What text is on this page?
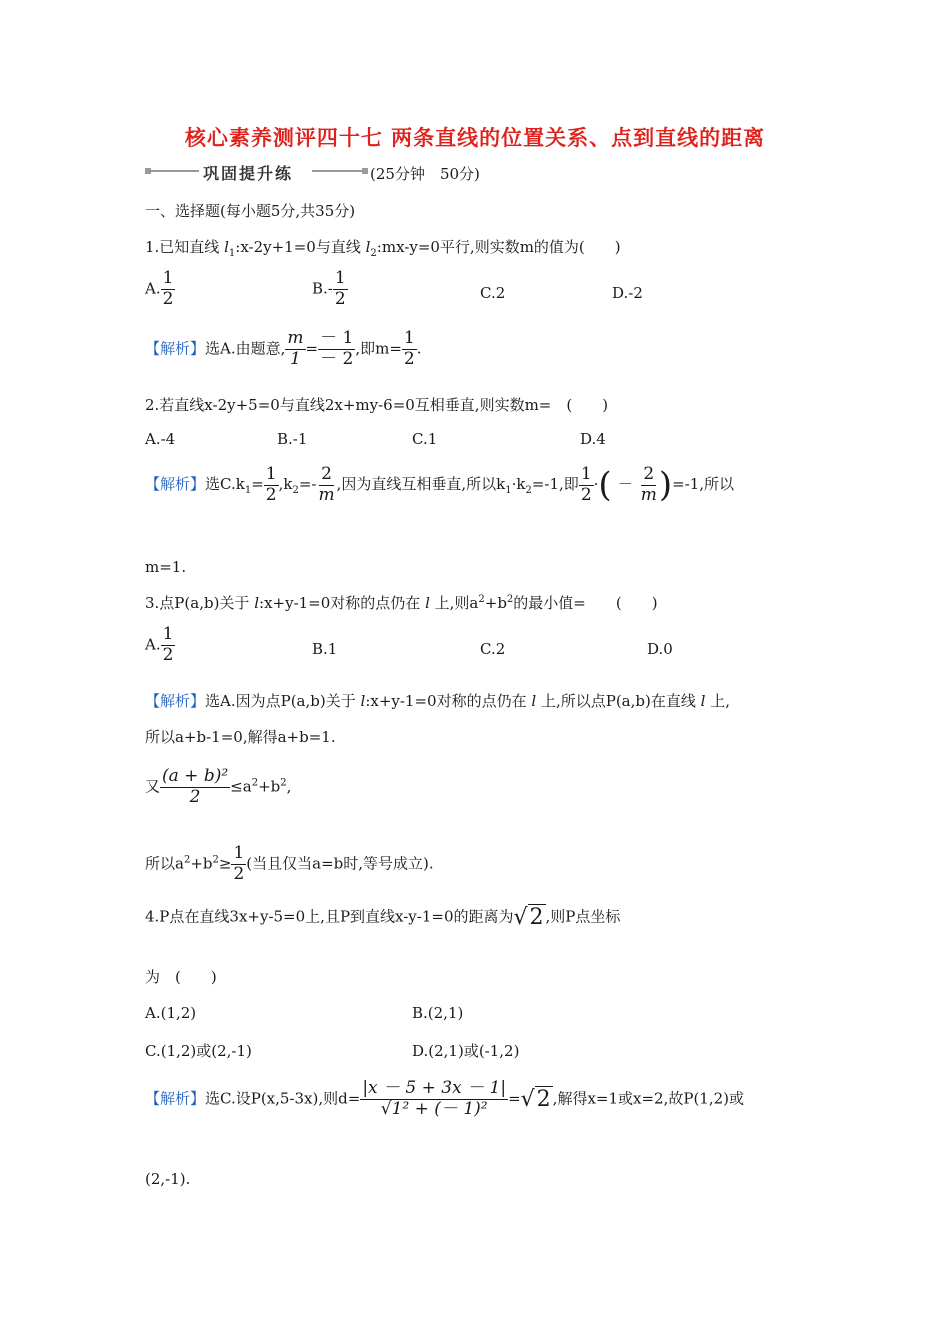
核心素养测评四十七 两条直线的位置关系、点到直线的距离
巩固提升练	(25分钟　50分)
一、选择题(每小题5分,共35分)
1.已知直线 $l_1:x-2y+1=0$与直线 $l_2:mx-y=0$平行,则实数m的值为(　　)
A. $\frac{1}{2}$	$B.- \frac{1}{2}$	C.2	D.-2
【解析】选A.由题意, $\frac{m}{1} = \frac{- 1}{- 2}$ ,即$m= \frac{1}{2}$ .
2.若直线x-2y+5=0与直线2x+my-6=0互相垂直,则实数m=　(　　)
A.-4	B.-1	C.1	D.4
【解析】选$C.k_1= \frac{1}{2} ,k_2=- \frac{2}{m}$ ,因为直线互相垂直,所以$k_1\cdot k_2=-1$,即 $\frac{1}{2}$ ·( － $\frac{2}{m} )=-1$,所以
m=1.
3.点P(a,b)关于 l:x+y-1=0对称的点仍在 l 上,则$a^2+b^2$的最小值=　　(　　)
A. $\frac{1}{2}$	B.1	C.2	D.0
【解析】选A.因为点P(a,b)关于 l:x+y-1=0对称的点仍在 l 上,所以点P(a,b)在直线 l 上,
所以a+b-1=0,解得a+b=1.
又 $\frac{\text{(a + b)²}}{2} \le a^2+b^2$,
所以$a^2+b^2\ge \frac{1}{2}$ (当且仅当a=b时,等号成立).
4.P点在直线3x+y-5=0上,且P到直线x-y-1=0的距离为√2 ,则P点坐标
为　(　　)
A.(1,2)	B.(2,1)
C.(1,2)或(2,-1)	D.(2,1)或(-1,2)
【解析】选C.设P(x,5-3x),则$d= \frac{|x - 5 + 3x - 1|}{\text{√1² + (－ 1)²}} =√2$ ,解得x=1或x=2,故P(1,2)或
(2,-1).
